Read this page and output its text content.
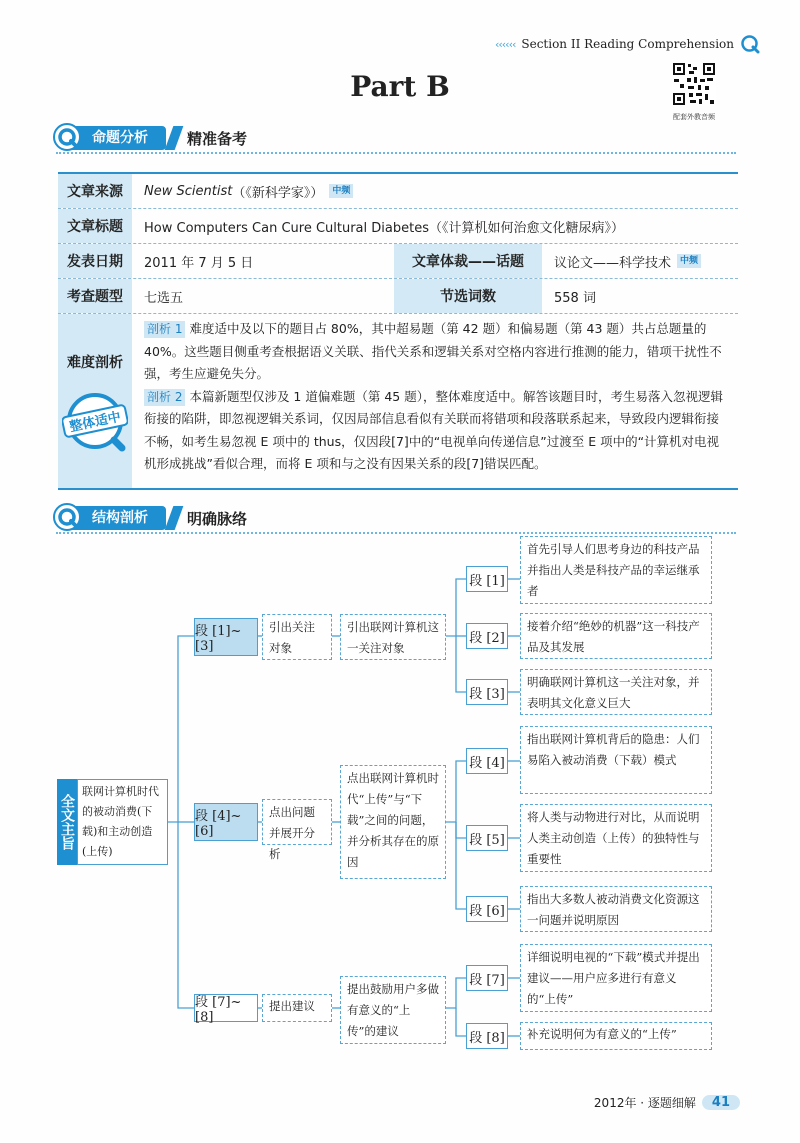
‹‹‹‹‹‹ Section II Reading Comprehension
Part B
配套外教音频
命题分析	精准备考
文章来源	New Scientist （《新科学家》）	中频
文章标题	How Computers Can Cure Cultural Diabetes（《计算机如何治愈文化糖尿病》）
发表日期	2011 年 7 月 5 日	文章体裁——话题	议论文——科学技术	中频
考查题型	七选五	节选词数	558 词
难度剖析
整体适中

剖析 1 难度适中及以下的题目占 80%，其中超易题（第 42 题）和偏易题（第 43 题）共占总题量的 40%。这些题目侧重考查根据语义关联、指代关系和逻辑关系对空格内容进行推测的能力，错项干扰性不强，考生应避免失分。

剖析 2 本篇新题型仅涉及 1 道偏难题（第 45 题），整体难度适中。解答该题目时，考生易落入忽视逻辑衔接的陷阱，即忽视逻辑关系词，仅因局部信息看似有关联而将错项和段落联系起来，导致段内逻辑衔接不畅，如考生易忽视 E 项中的 thus，仅因段[7]中的“电视单向传递信息”过渡至 E 项中的“计算机对电视机形成挑战”看似合理，而将 E 项和与之没有因果关系的段[7]错误匹配。

结构剖析	明确脉络
全文主旨
联网计算机时代的被动消费(下载)和主动创造(上传)
段 [1]~[3]
引出关注对象
引出联网计算机这一关注对象
段 [4]~[6]
点出问题并展开分析
点出联网计算机时代“上传”与“下载”之间的问题，并分析其存在的原因
段 [7]~[8]
提出建议
提出鼓励用户多做有意义的“上传”的建议
段 [1]
首先引导人们思考身边的科技产品并指出人类是科技产品的幸运继承者
段 [2]
接着介绍“绝妙的机器”这一科技产品及其发展
段 [3]
明确联网计算机这一关注对象，并表明其文化意义巨大
段 [4]
指出联网计算机背后的隐患：人们易陷入被动消费（下载）模式
段 [5]
将人类与动物进行对比，从而说明人类主动创造（上传）的独特性与重要性
段 [6]
指出大多数人被动消费文化资源这一问题并说明原因
段 [7]
详细说明电视的“下载”模式并提出建议——用户应多进行有意义的“上传”
段 [8]	补充说明何为有意义的“上传”
2012年 · 逐题细解	41
